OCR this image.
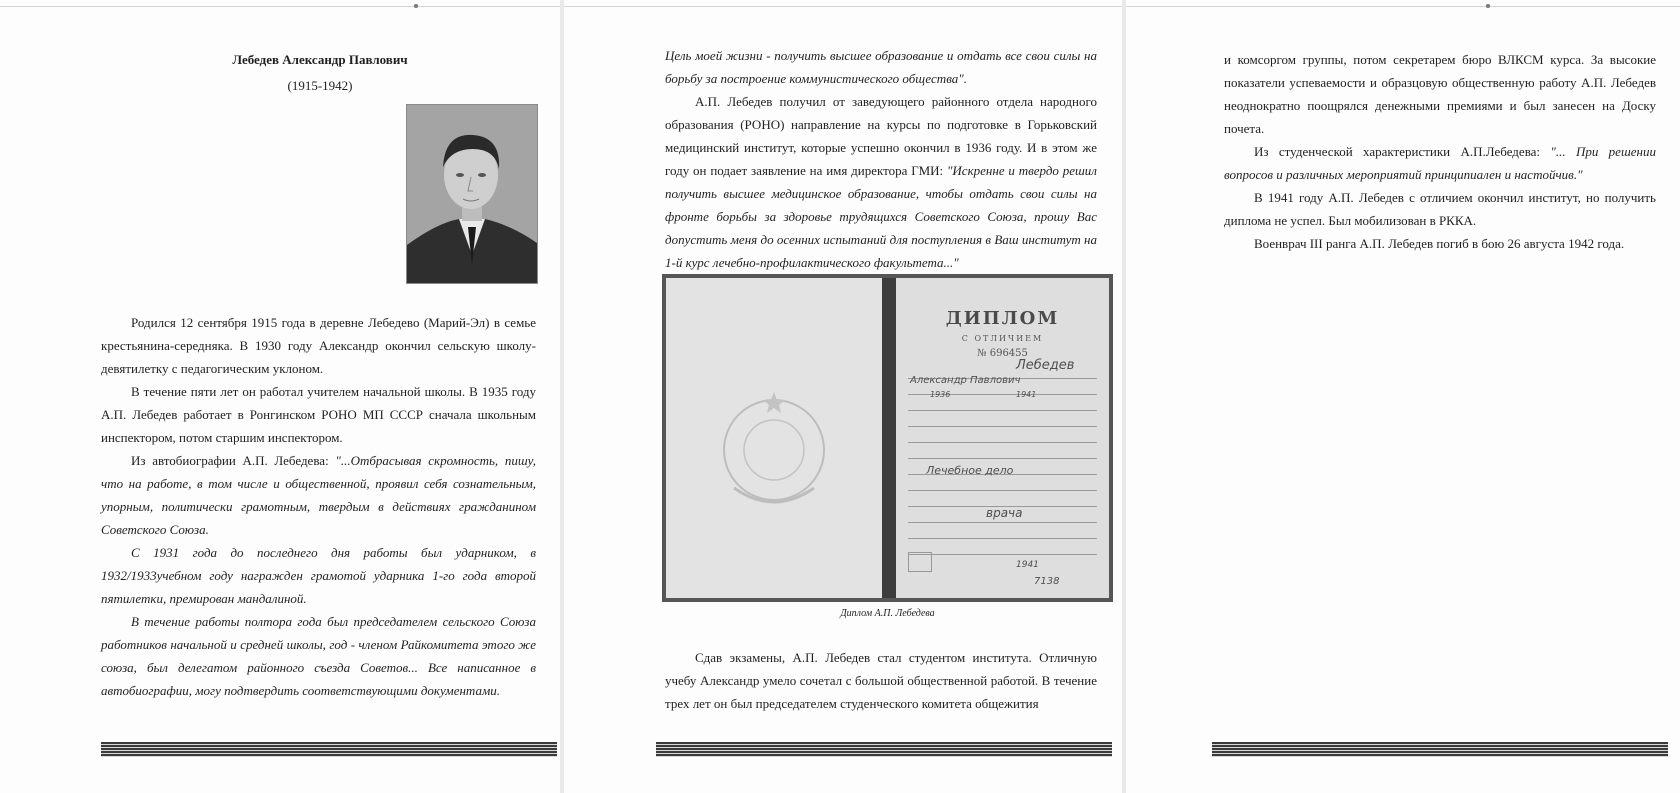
Лебедев Александр Павлович
(1915-1942)

Родился 12 сентября 1915 года в деревне Лебедево (Марий-Эл) в семье крестьянина-середняка. В 1930 году Александр окончил сельскую школу-девятилетку с педагогическим уклоном.

В течение пяти лет он работал учителем начальной школы. В 1935 году А.П. Лебедев работает в Ронгинском РОНО МП СССР сначала школьным инспектором, потом старшим инспектором.

Из автобиографии А.П. Лебедева: "...Отбрасывая скромность, пишу, что на работе, в том числе и общественной, проявил себя сознательным, упорным, политически грамотным, твердым в действиях гражданином Советского Союза.

С 1931 года до последнего дня работы был ударником, в 1932/1933учебном году награжден грамотой ударника 1-го года второй пятилетки, премирован мандалиной.

В течение работы полтора года был председателем сельского Союза работников начальной и средней школы, год - членом Райкомитета этого же союза, был делегатом районного съезда Советов... Все написанное в автобиографии, могу подтвердить соответствующими документами.

Цель моей жизни - получить высшее образование и отдать все свои силы на борьбу за построение коммунистического общества".

А.П. Лебедев получил от заведующего районного отдела народного образования (РОНО) направление на курсы по подготовке в Горьковский медицинский институт, которые успешно окончил в 1936 году. И в этом же году он подает заявление на имя директора ГМИ: "Искренне и твердо решил получить высшее медицинское образование, чтобы отдать свои силы на фронте борьбы за здоровье трудящихся Советского Союза, прошу Вас допустить меня до осенних испытаний для поступления в Ваш институт на 1-й курс лечебно-профилактического факультета..."

ДИПЛОМ
С ОТЛИЧИЕМ
№ 696455
Лебедев
Александр Павлович
1936	1941
Лечебное дело
врача
1941
7138
Диплом А.П. Лебедева

Сдав экзамены, А.П. Лебедев стал студентом института. Отличную учебу Александр умело сочетал с большой общественной работой. В течение трех лет он был председателем студенческого комитета общежития

и комсоргом группы, потом секретарем бюро ВЛКСМ курса. За высокие показатели успеваемости и образцовую общественную работу А.П. Лебедев неоднократно поощрялся денежными премиями и был занесен на Доску почета.

Из студенческой характеристики А.П.Лебедева: "... При решении вопросов и различных мероприятий принципиален и настойчив."

В 1941 году А.П. Лебедев с отличием окончил институт, но получить диплома не успел. Был мобилизован в РККА.

Военврач III ранга А.П. Лебедев погиб в бою 26 августа 1942 года.
